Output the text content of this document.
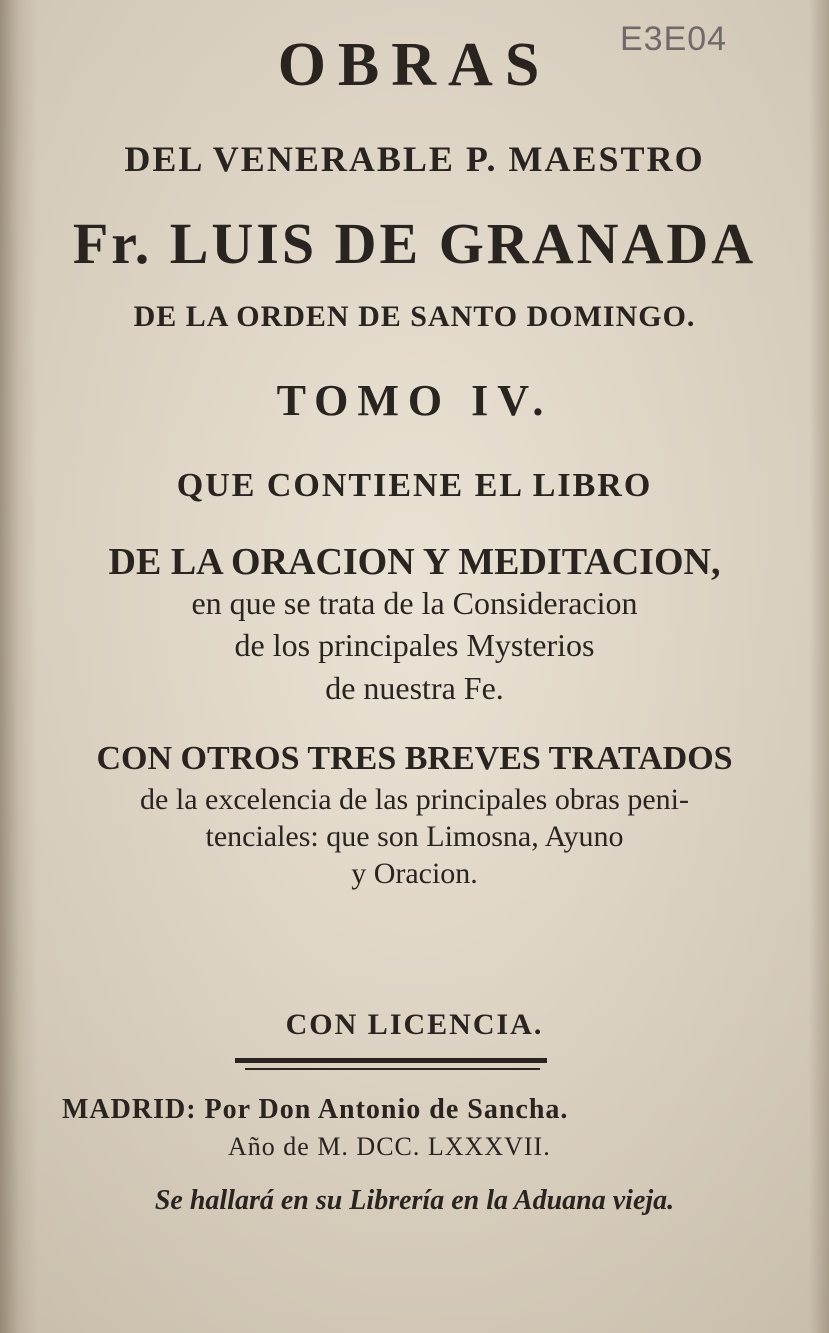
E3E04
OBRAS
DEL VENERABLE P. MAESTRO
Fr. LUIS DE GRANADA
DE LA ORDEN DE SANTO DOMINGO.
TOMO IV.
QUE CONTIENE EL LIBRO
DE LA ORACION Y MEDITACION,
en que se trata de la Consideracion
de los principales Mysterios
de nuestra Fe.
CON OTROS TRES BREVES TRATADOS
de la excelencia de las principales obras peni-
tenciales: que son Limosna, Ayuno
y Oracion.
CON LICENCIA.
MADRID: Por Don Antonio de Sancha.
Año de M. DCC. LXXXVII.
Se hallará en su Librería en la Aduana vieja.
